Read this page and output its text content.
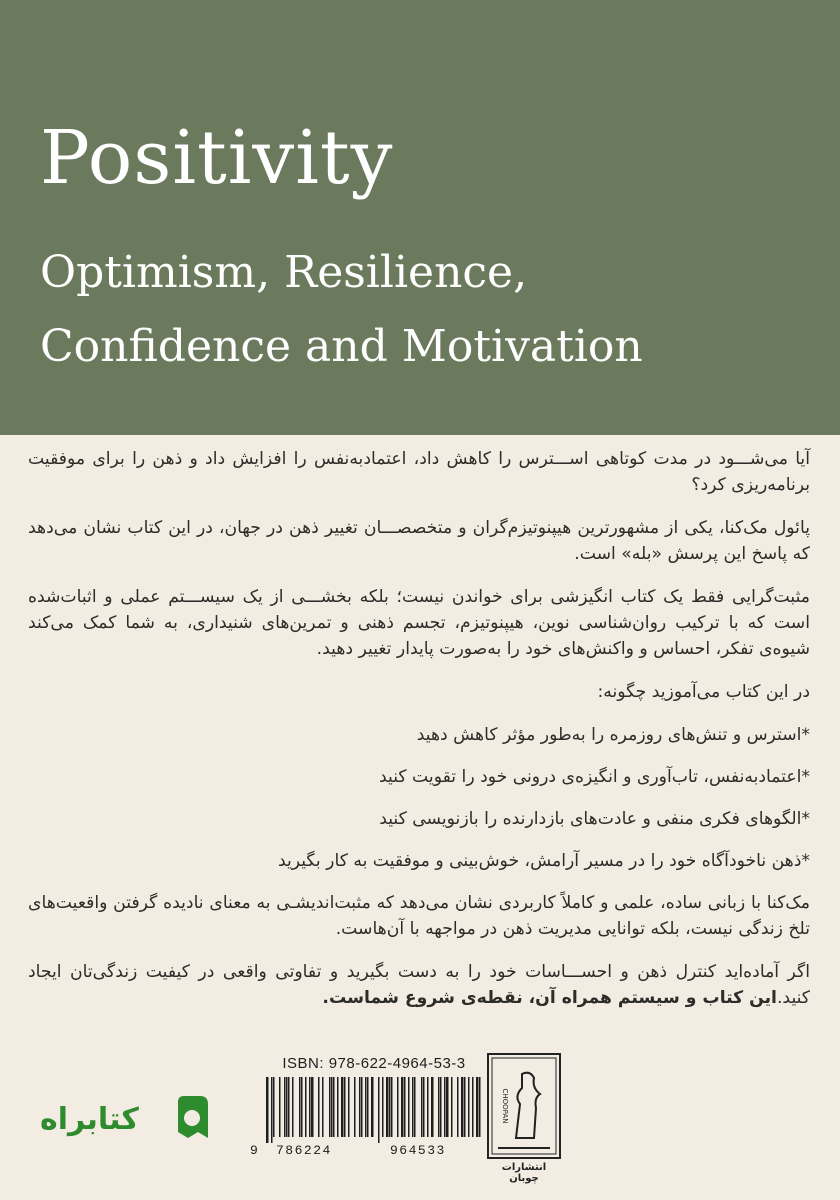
Positivity
Optimism, Resilience,
Confidence and Motivation

آیا می‌شـــود در مدت کوتاهی اســـترس را کاهش داد، اعتمادبه‌نفس را افزایش داد و ذهن را برای موفقیت برنامه‌ریزی کرد؟

پائول مک‌کنا، یکی از مشهورترین هیپنوتیزم‌گران و متخصصـــان تغییر ذهن در جهان، در این کتاب نشان می‌دهد که پاسخ این پرسش «بله» است.

مثبت‌گرایی فقط یک کتاب انگیزشی برای خواندن نیست؛ بلکه بخشـــی از یک سیســـتم عملی و اثبات‌شده است که با ترکیب روان‌شناسی نوین، هیپنوتیزم، تجسم ذهنی و تمرین‌های شنیداری، به شما کمک می‌کند شیوه‌ی تفکر، احساس و واکنش‌های خود را به‌صورت پایدار تغییر دهید.

در این کتاب می‌آموزید چگونه:

*استرس و تنش‌های روزمره را به‌طور مؤثر کاهش دهید

*اعتمادبه‌نفس، تاب‌آوری و انگیزه‌ی درونی خود را تقویت کنید

*الگوهای فکری منفی و عادت‌های بازدارنده را بازنویسی کنید

*ذهن ناخودآگاه خود را در مسیر آرامش، خوش‌بینی و موفقیت به کار بگیرید

مک‌کنا با زبانی ساده، علمی و کاملاً کاربردی نشان می‌دهد که مثبت‌اندیشـی به معنای نادیده گرفتن واقعیت‌های تلخ زندگی نیست، بلکه توانایی مدیریت ذهن در مواجهه با آن‌هاست.

اگر آماده‌اید کنترل ذهن و احســـاسات خود را به دست بگیرید و تفاوتی واقعی در کیفیت زندگی‌تان ایجاد کنید.این کتاب و سیستم همراه آن، نقطه‌ی شروع شماست.

ISBN: 978-622-4964-53-3
9 786224	964533
CHOOPAN
انتشارات چوبان
کتابراه
